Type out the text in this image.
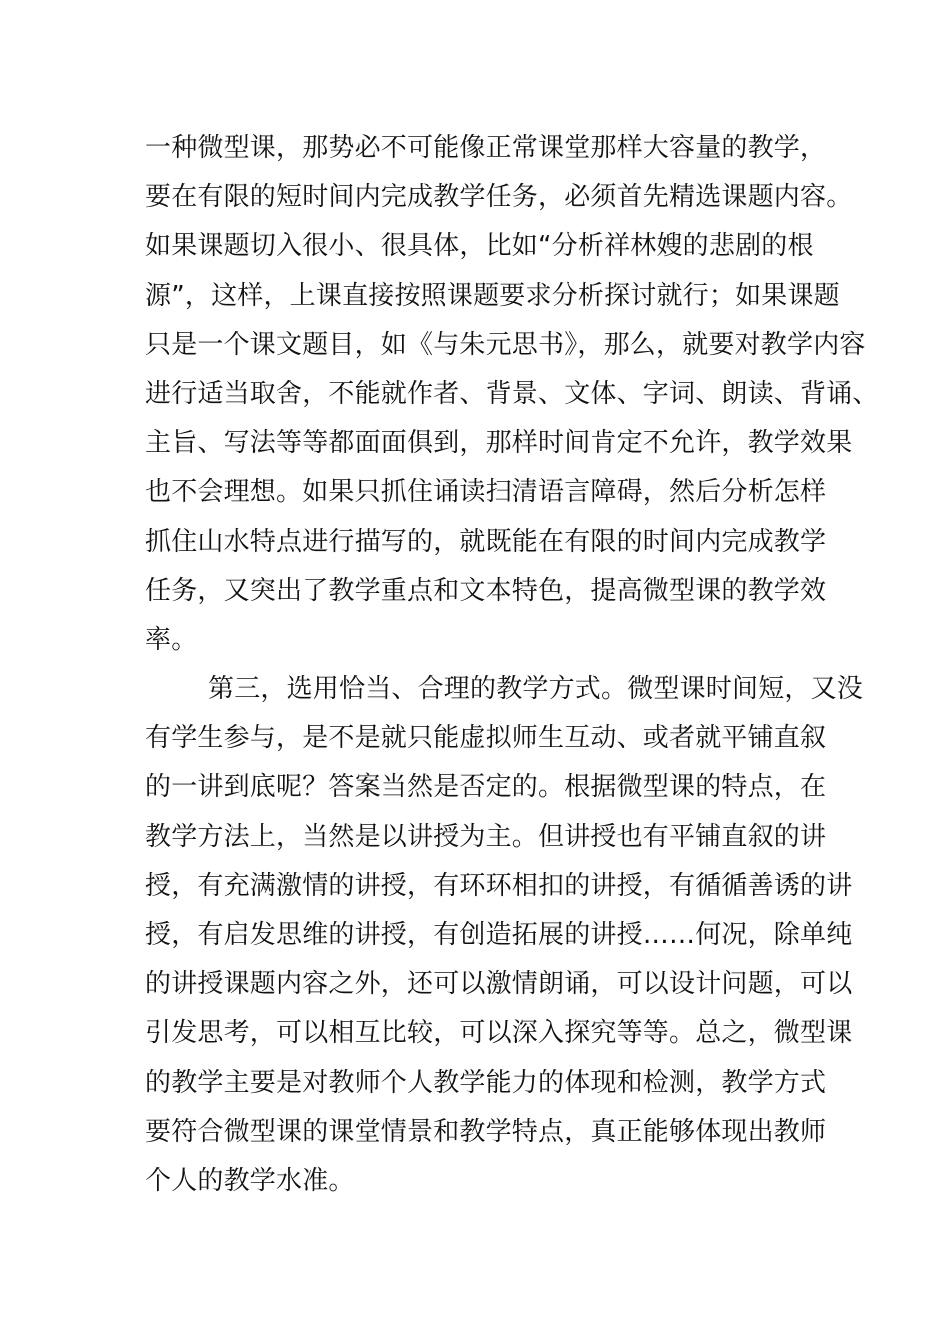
一种微型课，那势必不可能像正常课堂那样大容量的教学，
要在有限的短时间内完成教学任务，必须首先精选课题内容。
如果课题切入很小、很具体，比如“分析祥林嫂的悲剧的根
源”，这样，上课直接按照课题要求分析探讨就行；如果课题
只是一个课文题目，如《与朱元思书》，那么，就要对教学内容
进行适当取舍，不能就作者、背景、文体、字词、朗读、背诵、
主旨、写法等等都面面俱到，那样时间肯定不允许，教学效果
也不会理想。如果只抓住诵读扫清语言障碍，然后分析怎样
抓住山水特点进行描写的，就既能在有限的时间内完成教学
任务，又突出了教学重点和文本特色，提高微型课的教学效
率。
第三，选用恰当、合理的教学方式。微型课时间短，又没
有学生参与，是不是就只能虚拟师生互动、或者就平铺直叙
的一讲到底呢？答案当然是否定的。根据微型课的特点，在
教学方法上，当然是以讲授为主。但讲授也有平铺直叙的讲
授，有充满激情的讲授，有环环相扣的讲授，有循循善诱的讲
授，有启发思维的讲授，有创造拓展的讲授……何况，除单纯
的讲授课题内容之外，还可以激情朗诵，可以设计问题，可以
引发思考，可以相互比较，可以深入探究等等。总之，微型课
的教学主要是对教师个人教学能力的体现和检测，教学方式
要符合微型课的课堂情景和教学特点，真正能够体现出教师
个人的教学水准。
